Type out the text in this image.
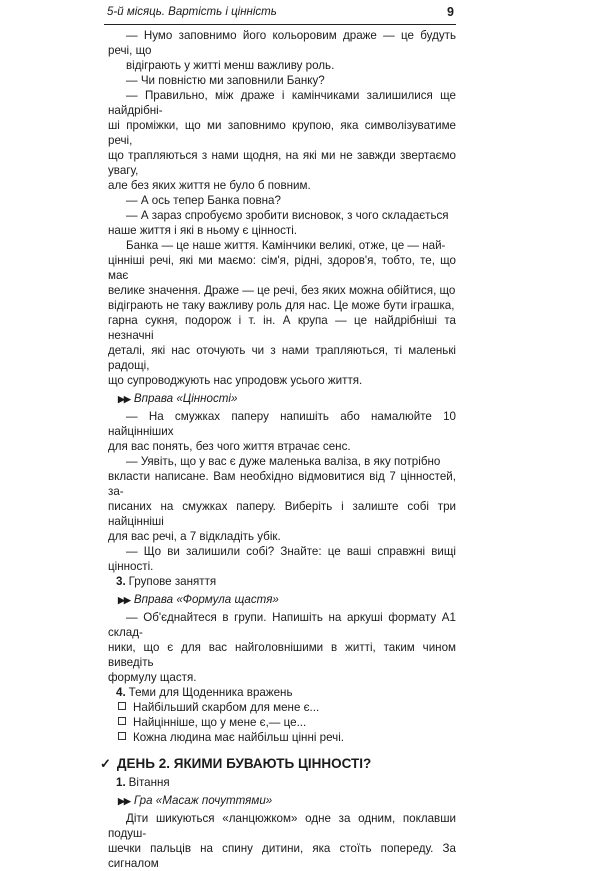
5-й місяць. Вартість і цінність	9

— Нумо заповнимо його кольоровим драже — це будуть речі, що

відіграють у житті менш важливу роль.

— Чи повністю ми заповнили Банку?

— Правильно, між драже і камінчиками залишилися ще найдрібні-

ші проміжки, що ми заповнимо крупою, яка символізуватиме речі,

що трапляються з нами щодня, на які ми не завжди звертаємо увагу,

але без яких життя не було б повним.

— А ось тепер Банка повна?

— А зараз спробуємо зробити висновок, з чого складається

наше життя і які в ньому є цінності.

Банка — це наше життя. Камінчики великі, отже, це — най-

цінніші речі, які ми маємо: сім'я, рідні, здоров'я, тобто, те, що має

велике значення. Драже — це речі, без яких можна обійтися, що

відіграють не таку важливу роль для нас. Це може бути іграшка,

гарна сукня, подорож і т. ін. А крупа — це найдрібніші та незначні

деталі, які нас оточують чи з нами трапляються, ті маленькі радощі,

що супроводжують нас упродовж усього життя.

▶▶ Вправа «Цінності»

— На смужках паперу напишіть або намалюйте 10 найцінніших

для вас понять, без чого життя втрачає сенс.

— Уявіть, що у вас є дуже маленька валіза, в яку потрібно

вкласти написане. Вам необхідно відмовитися від 7 цінностей, за-

писаних на смужках паперу. Виберіть і залиште собі три найцінніші

для вас речі, а 7 відкладіть убік.

— Що ви залишили собі? Знайте: це ваші справжні вищі цінності.

3. Групове заняття
▶▶ Вправа «Формула щастя»

— Об'єднайтеся в групи. Напишіть на аркуші формату А1 склад-

ники, що є для вас найголовнішими в житті, таким чином виведіть

формулу щастя.

4. Теми для Щоденника вражень
Найбільший скарбом для мене є...
Найцінніше, що у мене є,— це...
Кожна людина має найбільш цінні речі.
✓ ДЕНЬ 2. ЯКИМИ БУВАЮТЬ ЦІННОСТІ?
1. Вітання
▶▶ Гра «Масаж почуттями»

Діти шикуються «ланцюжком» одне за одним, поклавши подуш-

шечки пальців на спину дитини, яка стоїть попереду. За сигналом
